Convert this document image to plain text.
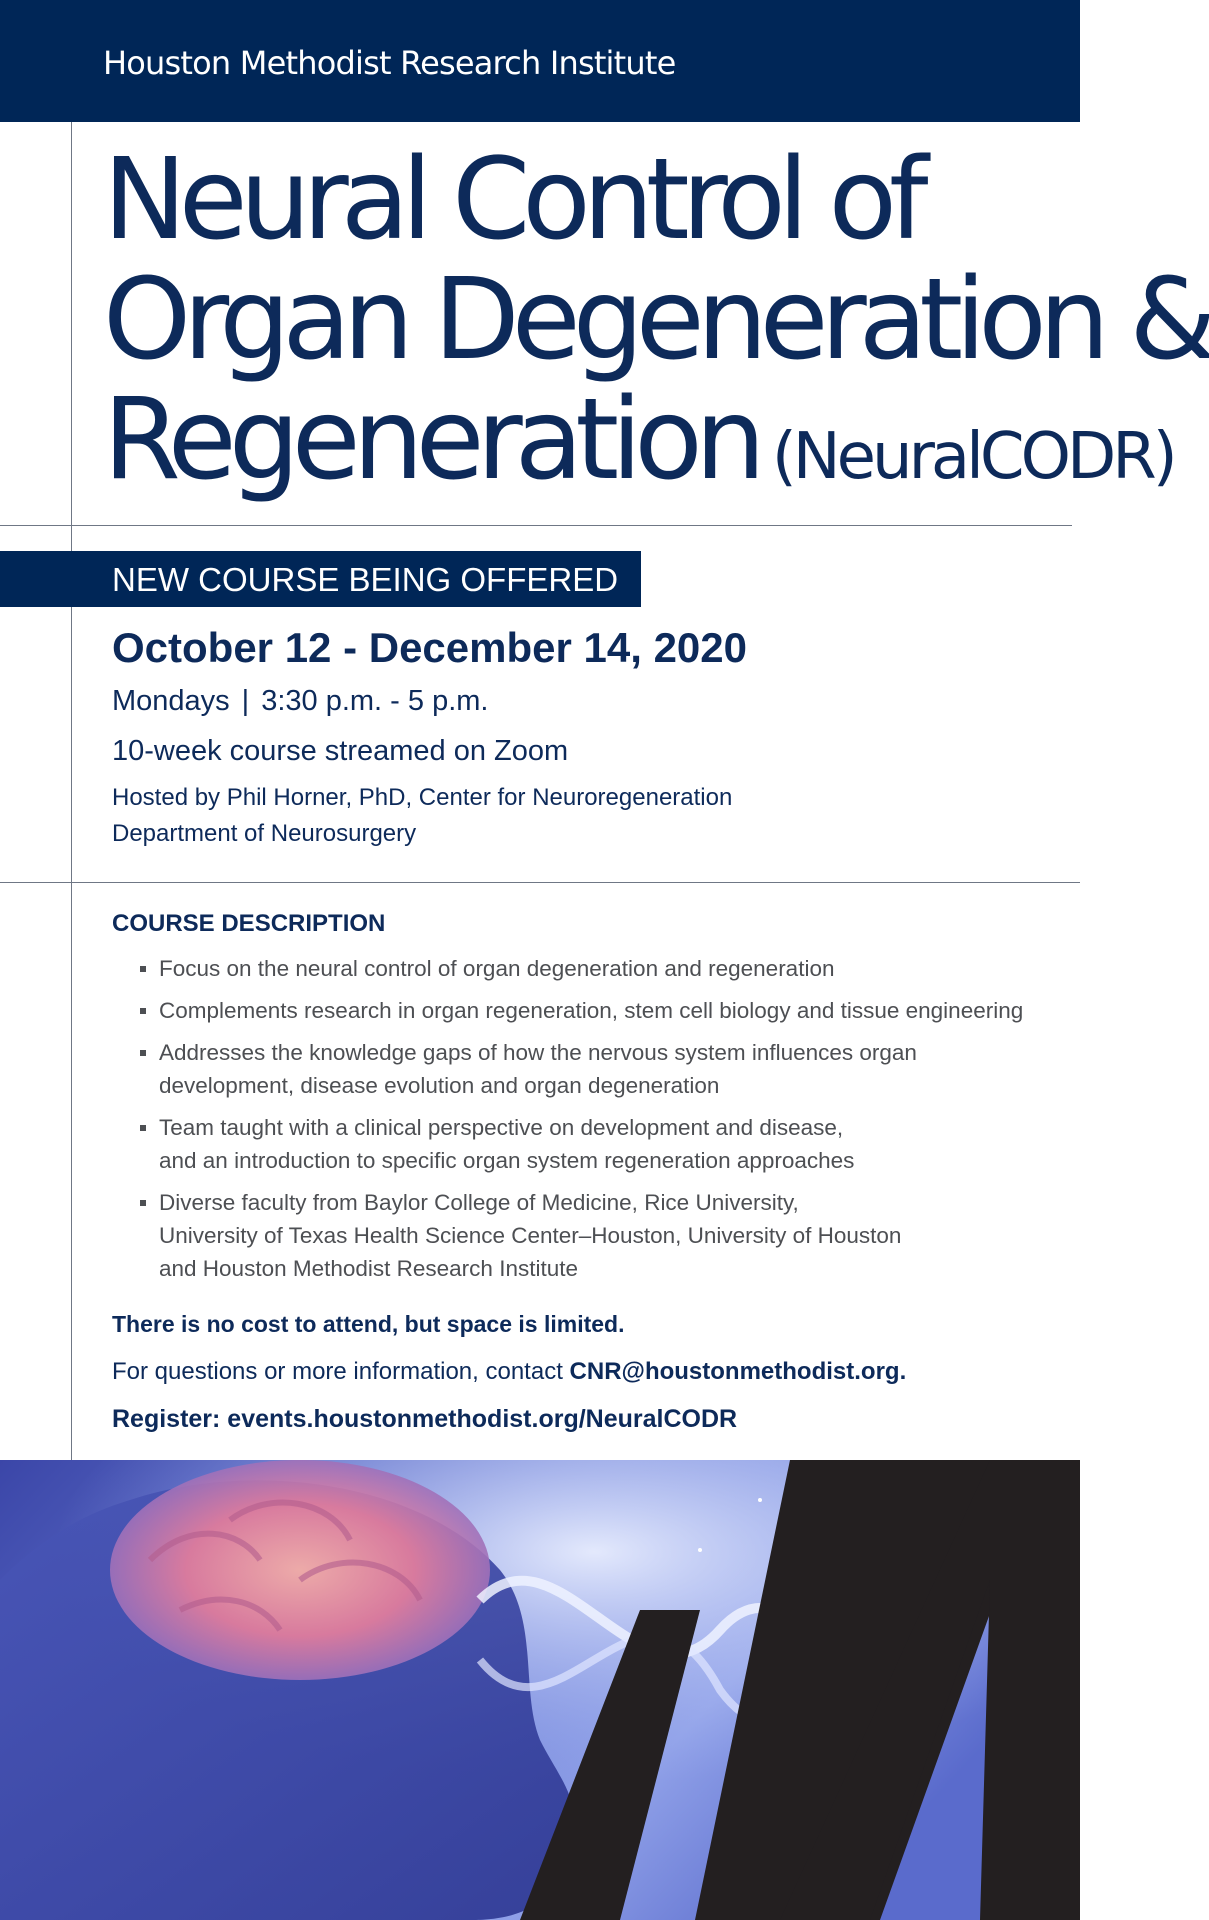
Houston Methodist Research Institute
Neural Control of
Organ Degeneration &
Regeneration (NeuralCODR)
NEW COURSE BEING OFFERED
October 12 - December 14, 2020
Mondays | 3:30 p.m. - 5 p.m.
10-week course streamed on Zoom
Hosted by Phil Horner, PhD, Center for Neuroregeneration
Department of Neurosurgery
COURSE DESCRIPTION
Focus on the neural control of organ degeneration and regeneration
Complements research in organ regeneration, stem cell biology and tissue engineering
Addresses the knowledge gaps of how the nervous system influences organ
development, disease evolution and organ degeneration
Team taught with a clinical perspective on development and disease,
and an introduction to specific organ system regeneration approaches
Diverse faculty from Baylor College of Medicine, Rice University,
University of Texas Health Science Center–Houston, University of Houston
and Houston Methodist Research Institute
There is no cost to attend, but space is limited.
For questions or more information, contact CNR@houstonmethodist.org.
Register: events.houstonmethodist.org/NeuralCODR
